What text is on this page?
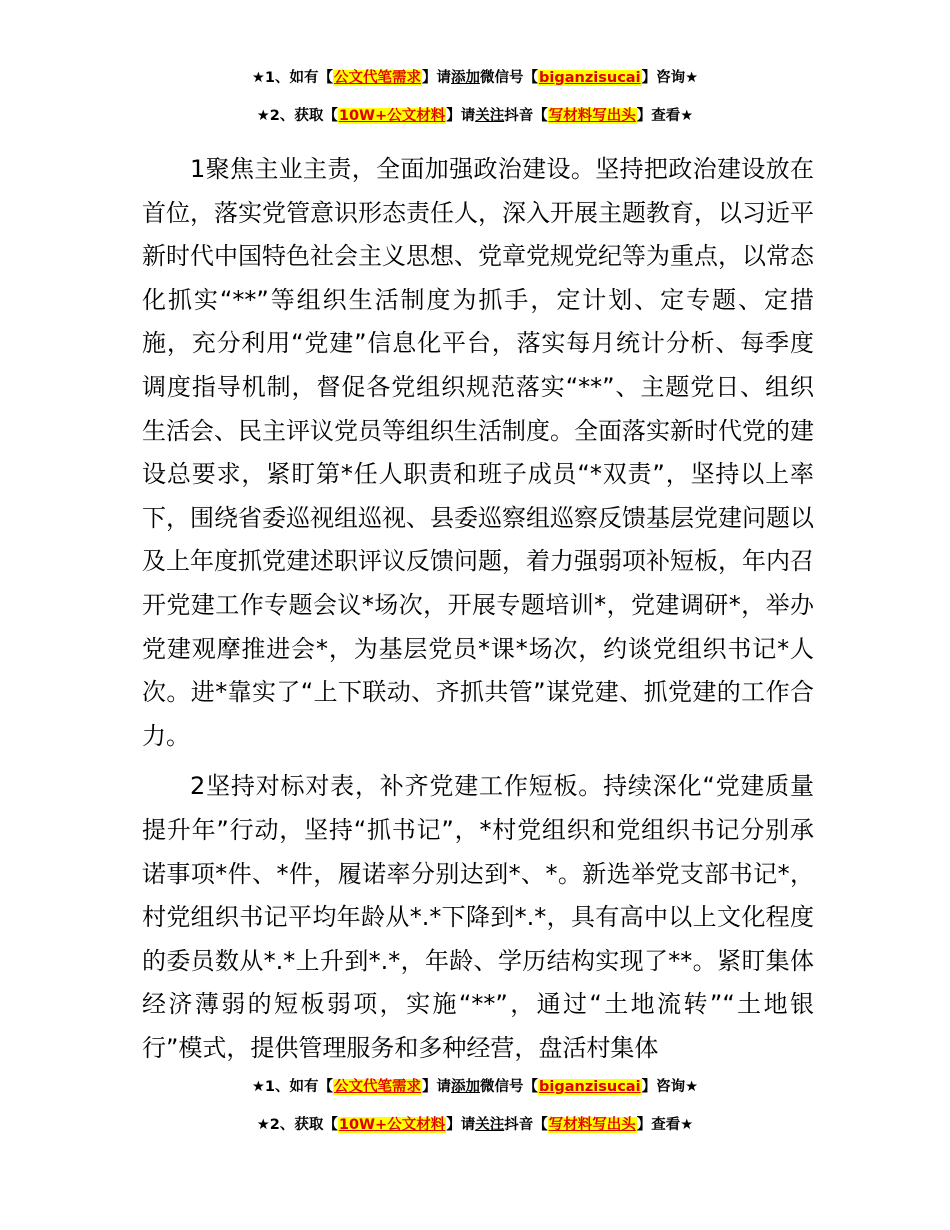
★1、如有【公文代笔需求】请添加微信号【biganzisucai】咨询★
★2、获取【10W+公文材料】请关注抖音【写材料写出头】查看★

1聚焦主业主责，全面加强政治建设。坚持把政治建设放在首位，落实党管意识形态责任人，深入开展主题教育，以习近平新时代中国特色社会主义思想、党章党规党纪等为重点，以常态化抓实“**”等组织生活制度为抓手，定计划、定专题、定措施，充分利用“党建”信息化平台，落实每月统计分析、每季度调度指导机制，督促各党组织规范落实“**”、主题党日、组织生活会、民主评议党员等组织生活制度。全面落实新时代党的建设总要求，紧盯第*任人职责和班子成员“*双责”，坚持以上率下，围绕省委巡视组巡视、县委巡察组巡察反馈基层党建问题以及上年度抓党建述职评议反馈问题，着力强弱项补短板，年内召开党建工作专题会议*场次，开展专题培训*，党建调研*，举办党建观摩推进会*，为基层党员*课*场次，约谈党组织书记*人次。进*靠实了“上下联动、齐抓共管”谋党建、抓党建的工作合力。

2坚持对标对表，补齐党建工作短板。持续深化“党建质量提升年”行动，坚持“抓书记”，*村党组织和党组织书记分别承诺事项*件、*件，履诺率分别达到*、*。新选举党支部书记*，村党组织书记平均年龄从*.*下降到*.*，具有高中以上文化程度的委员数从*.*上升到*.*，年龄、学历结构实现了**。紧盯集体经济薄弱的短板弱项，实施“**”，通过“土地流转”“土地银行”模式，提供管理服务和多种经营，盘活村集体

★1、如有【公文代笔需求】请添加微信号【biganzisucai】咨询★
★2、获取【10W+公文材料】请关注抖音【写材料写出头】查看★
